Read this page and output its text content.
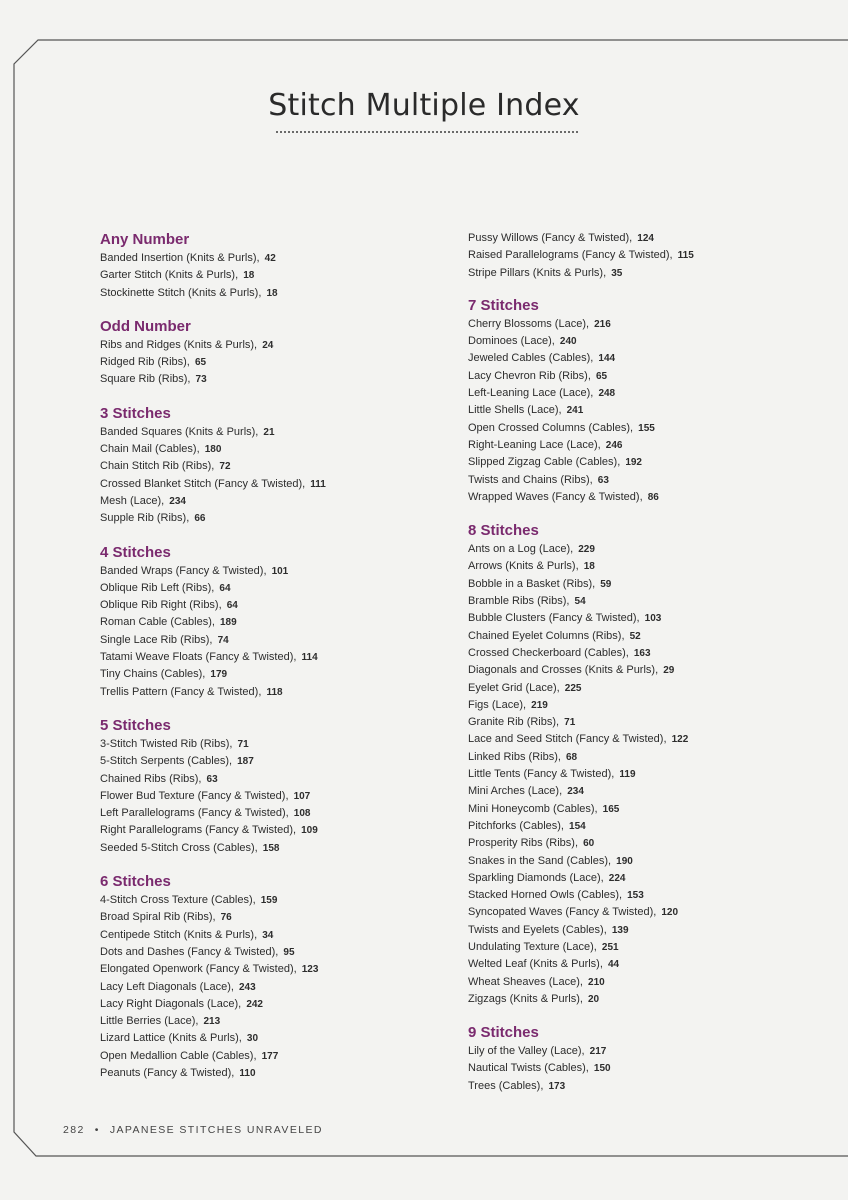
Stitch Multiple Index
Any Number
Banded Insertion (Knits & Purls), 42
Garter Stitch (Knits & Purls), 18
Stockinette Stitch (Knits & Purls), 18
Odd Number
Ribs and Ridges (Knits & Purls), 24
Ridged Rib (Ribs), 65
Square Rib (Ribs), 73
3 Stitches
Banded Squares (Knits & Purls), 21
Chain Mail (Cables), 180
Chain Stitch Rib (Ribs), 72
Crossed Blanket Stitch (Fancy & Twisted), 111
Mesh (Lace), 234
Supple Rib (Ribs), 66
4 Stitches
Banded Wraps (Fancy & Twisted), 101
Oblique Rib Left (Ribs), 64
Oblique Rib Right (Ribs), 64
Roman Cable (Cables), 189
Single Lace Rib (Ribs), 74
Tatami Weave Floats (Fancy & Twisted), 114
Tiny Chains (Cables), 179
Trellis Pattern (Fancy & Twisted), 118
5 Stitches
3-Stitch Twisted Rib (Ribs), 71
5-Stitch Serpents (Cables), 187
Chained Ribs (Ribs), 63
Flower Bud Texture (Fancy & Twisted), 107
Left Parallelograms (Fancy & Twisted), 108
Right Parallelograms (Fancy & Twisted), 109
Seeded 5-Stitch Cross (Cables), 158
6 Stitches
4-Stitch Cross Texture (Cables), 159
Broad Spiral Rib (Ribs), 76
Centipede Stitch (Knits & Purls), 34
Dots and Dashes (Fancy & Twisted), 95
Elongated Openwork (Fancy & Twisted), 123
Lacy Left Diagonals (Lace), 243
Lacy Right Diagonals (Lace), 242
Little Berries (Lace), 213
Lizard Lattice (Knits & Purls), 30
Open Medallion Cable (Cables), 177
Peanuts (Fancy & Twisted), 110
Pussy Willows (Fancy & Twisted), 124
Raised Parallelograms (Fancy & Twisted), 115
Stripe Pillars (Knits & Purls), 35
7 Stitches
Cherry Blossoms (Lace), 216
Dominoes (Lace), 240
Jeweled Cables (Cables), 144
Lacy Chevron Rib (Ribs), 65
Left-Leaning Lace (Lace), 248
Little Shells (Lace), 241
Open Crossed Columns (Cables), 155
Right-Leaning Lace (Lace), 246
Slipped Zigzag Cable (Cables), 192
Twists and Chains (Ribs), 63
Wrapped Waves (Fancy & Twisted), 86
8 Stitches
Ants on a Log (Lace), 229
Arrows (Knits & Purls), 18
Bobble in a Basket (Ribs), 59
Bramble Ribs (Ribs), 54
Bubble Clusters (Fancy & Twisted), 103
Chained Eyelet Columns (Ribs), 52
Crossed Checkerboard (Cables), 163
Diagonals and Crosses (Knits & Purls), 29
Eyelet Grid (Lace), 225
Figs (Lace), 219
Granite Rib (Ribs), 71
Lace and Seed Stitch (Fancy & Twisted), 122
Linked Ribs (Ribs), 68
Little Tents (Fancy & Twisted), 119
Mini Arches (Lace), 234
Mini Honeycomb (Cables), 165
Pitchforks (Cables), 154
Prosperity Ribs (Ribs), 60
Snakes in the Sand (Cables), 190
Sparkling Diamonds (Lace), 224
Stacked Horned Owls (Cables), 153
Syncopated Waves (Fancy & Twisted), 120
Twists and Eyelets (Cables), 139
Undulating Texture (Lace), 251
Welted Leaf (Knits & Purls), 44
Wheat Sheaves (Lace), 210
Zigzags (Knits & Purls), 20
9 Stitches
Lily of the Valley (Lace), 217
Nautical Twists (Cables), 150
Trees (Cables), 173
282 • JAPANESE STITCHES UNRAVELED
